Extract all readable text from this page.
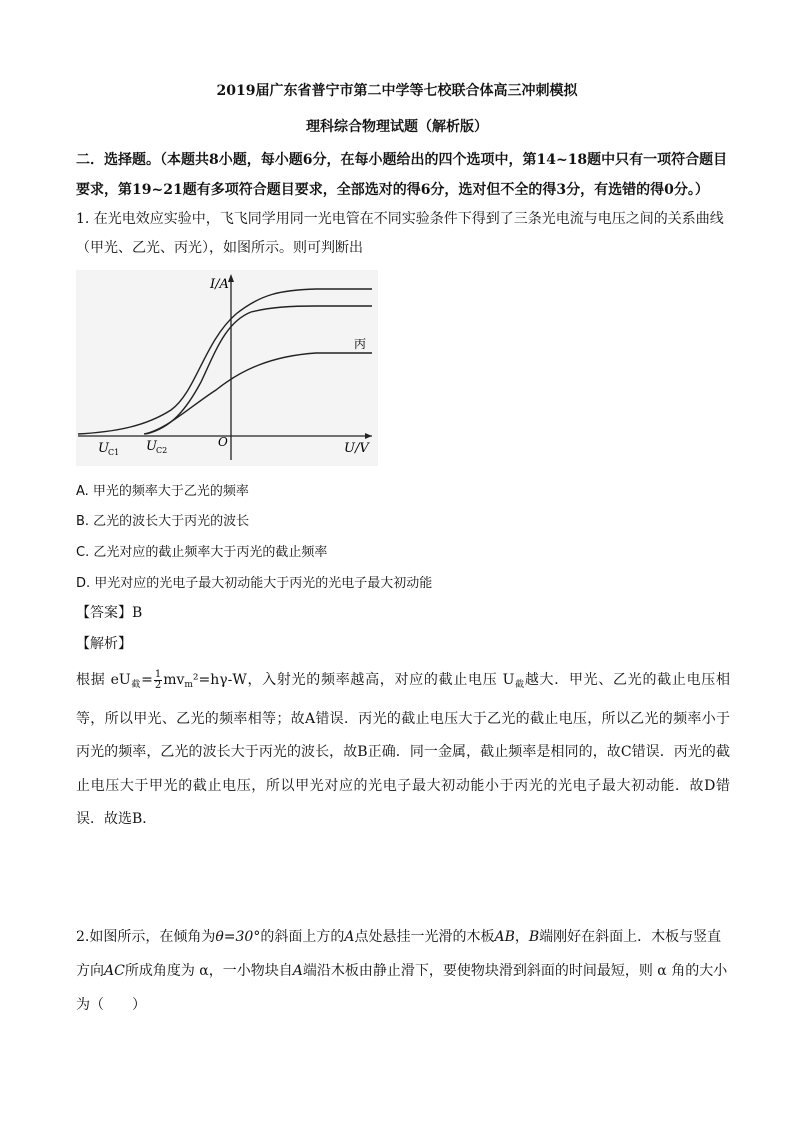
2019届广东省普宁市第二中学等七校联合体高三冲刺模拟
理科综合物理试题（解析版）
二．选择题。（本题共8小题，每小题6分，在每小题给出的四个选项中，第14~18题中只有一项符合题目要求，第19~21题有多项符合题目要求，全部选对的得6分，选对但不全的得3分，有选错的得0分。）
1. 在光电效应实验中，飞飞同学用同一光电管在不同实验条件下得到了三条光电流与电压之间的关系曲线（甲光、乙光、丙光），如图所示。则可判断出
I/A
U/V
O
丙
U C1 U C2
A. 甲光的频率大于乙光的频率
B. 乙光的波长大于丙光的波长
C. 乙光对应的截止频率大于丙光的截止频率
D. 甲光对应的光电子最大初动能大于丙光的光电子最大初动能
【答案】B
【解析】
根据 $eU_截= \frac{1}{2} mv_m^2=h\gamma-W$，入射光的频率越高，对应的截止电压 $U_截$越大．甲光、乙光的截止电压相等，所以甲光、乙光的频率相等；故A错误．丙光的截止电压大于乙光的截止电压，所以乙光的频率小于丙光的频率，乙光的波长大于丙光的波长，故B正确．同一金属，截止频率是相同的，故C错误．丙光的截止电压大于甲光的截止电压，所以甲光对应的光电子最大初动能小于丙光的光电子最大初动能．故D错误．故选B．
2.如图所示，在倾角为θ=30°的斜面上方的A点处悬挂一光滑的木板AB，B端刚好在斜面上．木板与竖直方向AC所成角度为 α，一小物块自A端沿木板由静止滑下，要使物块滑到斜面的时间最短，则 α 角的大小为（　　）
